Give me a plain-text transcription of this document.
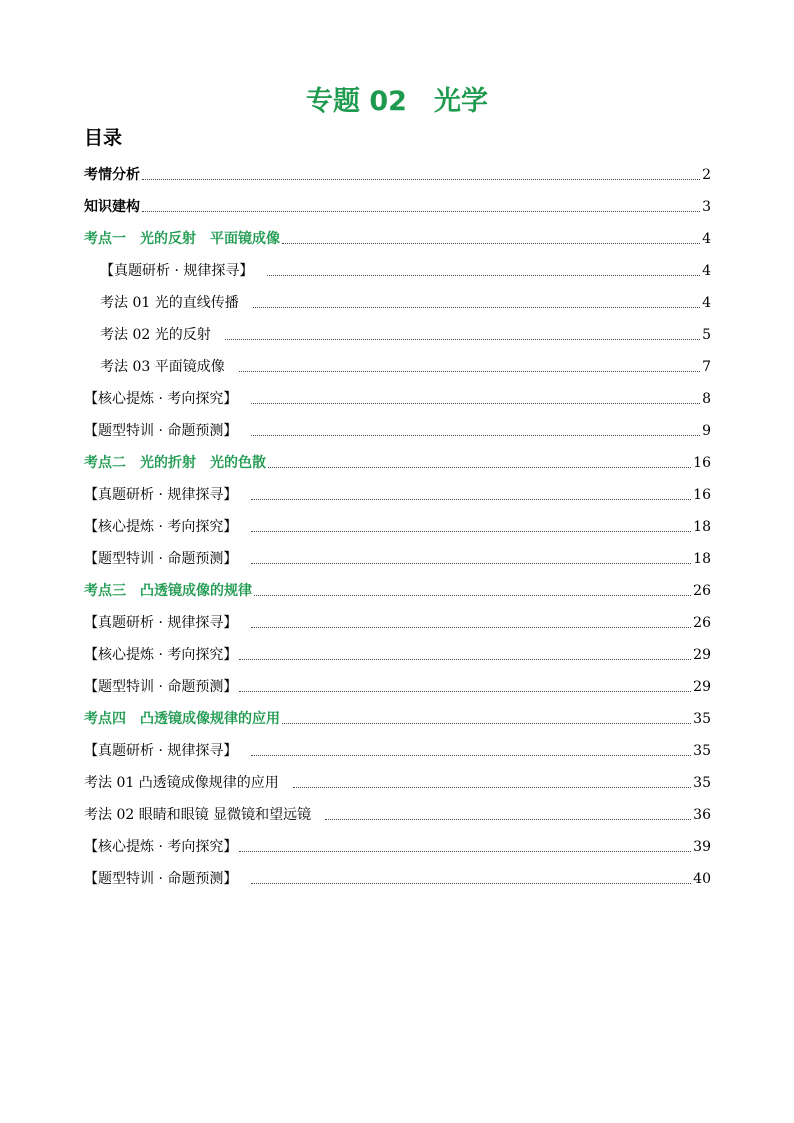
专题 02　光学
目录
考情分析	2
知识建构	3
考点一　光的反射　平面镜成像	4
【真题研析 · 规律探寻】	4
考法 01 光的直线传播	4
考法 02 光的反射	5
考法 03 平面镜成像	7
【核心提炼 · 考向探究】	8
【题型特训 · 命题预测】	9
考点二　光的折射　光的色散	16
【真题研析 · 规律探寻】	16
【核心提炼 · 考向探究】	18
【题型特训 · 命题预测】	18
考点三　凸透镜成像的规律	26
【真题研析 · 规律探寻】	26
【核心提炼 · 考向探究】	29
【题型特训 · 命题预测】	29
考点四　凸透镜成像规律的应用	35
【真题研析 · 规律探寻】	35
考法 01 凸透镜成像规律的应用	35
考法 02 眼睛和眼镜 显微镜和望远镜	36
【核心提炼 · 考向探究】	39
【题型特训 · 命题预测】	40
